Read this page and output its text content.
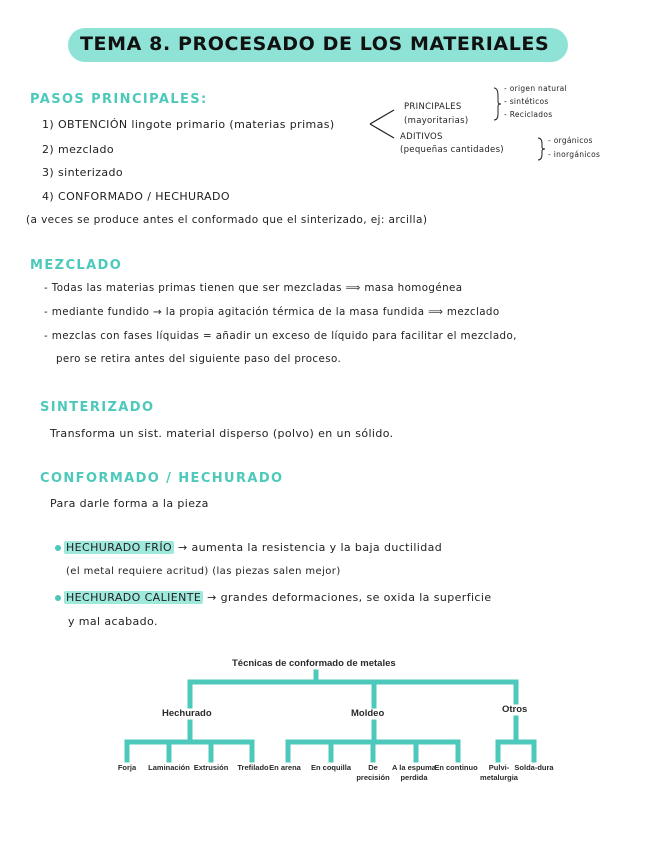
TEMA 8. PROCESADO DE LOS MATERIALES
PASOS PRINCIPALES:
1) OBTENCIÓN lingote primario (materias primas)
2) mezclado
3) sinterizado
4) CONFORMADO / HECHURADO
(a veces se produce antes el conformado que el sinterizado, ej: arcilla)
PRINCIPALES
(mayoritarias)
ADITIVOS
(pequeñas cantidades)
- origen natural
- sintéticos
- Reciclados
- orgánicos
- inorgánicos
MEZCLADO
- Todas las materias primas tienen que ser mezcladas ⟹ masa homogénea
- mediante fundido → la propia agitación térmica de la masa fundida ⟹ mezclado
- mezclas con fases líquidas = añadir un exceso de líquido para facilitar el mezclado,
pero se retira antes del siguiente paso del proceso.
SINTERIZADO
Transforma un sist. material disperso (polvo) en un sólido.
CONFORMADO / HECHURADO
Para darle forma a la pieza
HECHURADO FRÍO → aumenta la resistencia y la baja ductilidad
(el metal requiere acritud) (las piezas salen mejor)
HECHURADO CALIENTE → grandes deformaciones, se oxida la superficie
y mal acabado.
Técnicas de conformado de metales
Hechurado	Moldeo	Otros
Forja	Laminación Extrusión	Trefilado En arena	En coquilla	De precisión
A la espuma perdida
En continuo	Pulvi-metalurgia
Solda-dura
